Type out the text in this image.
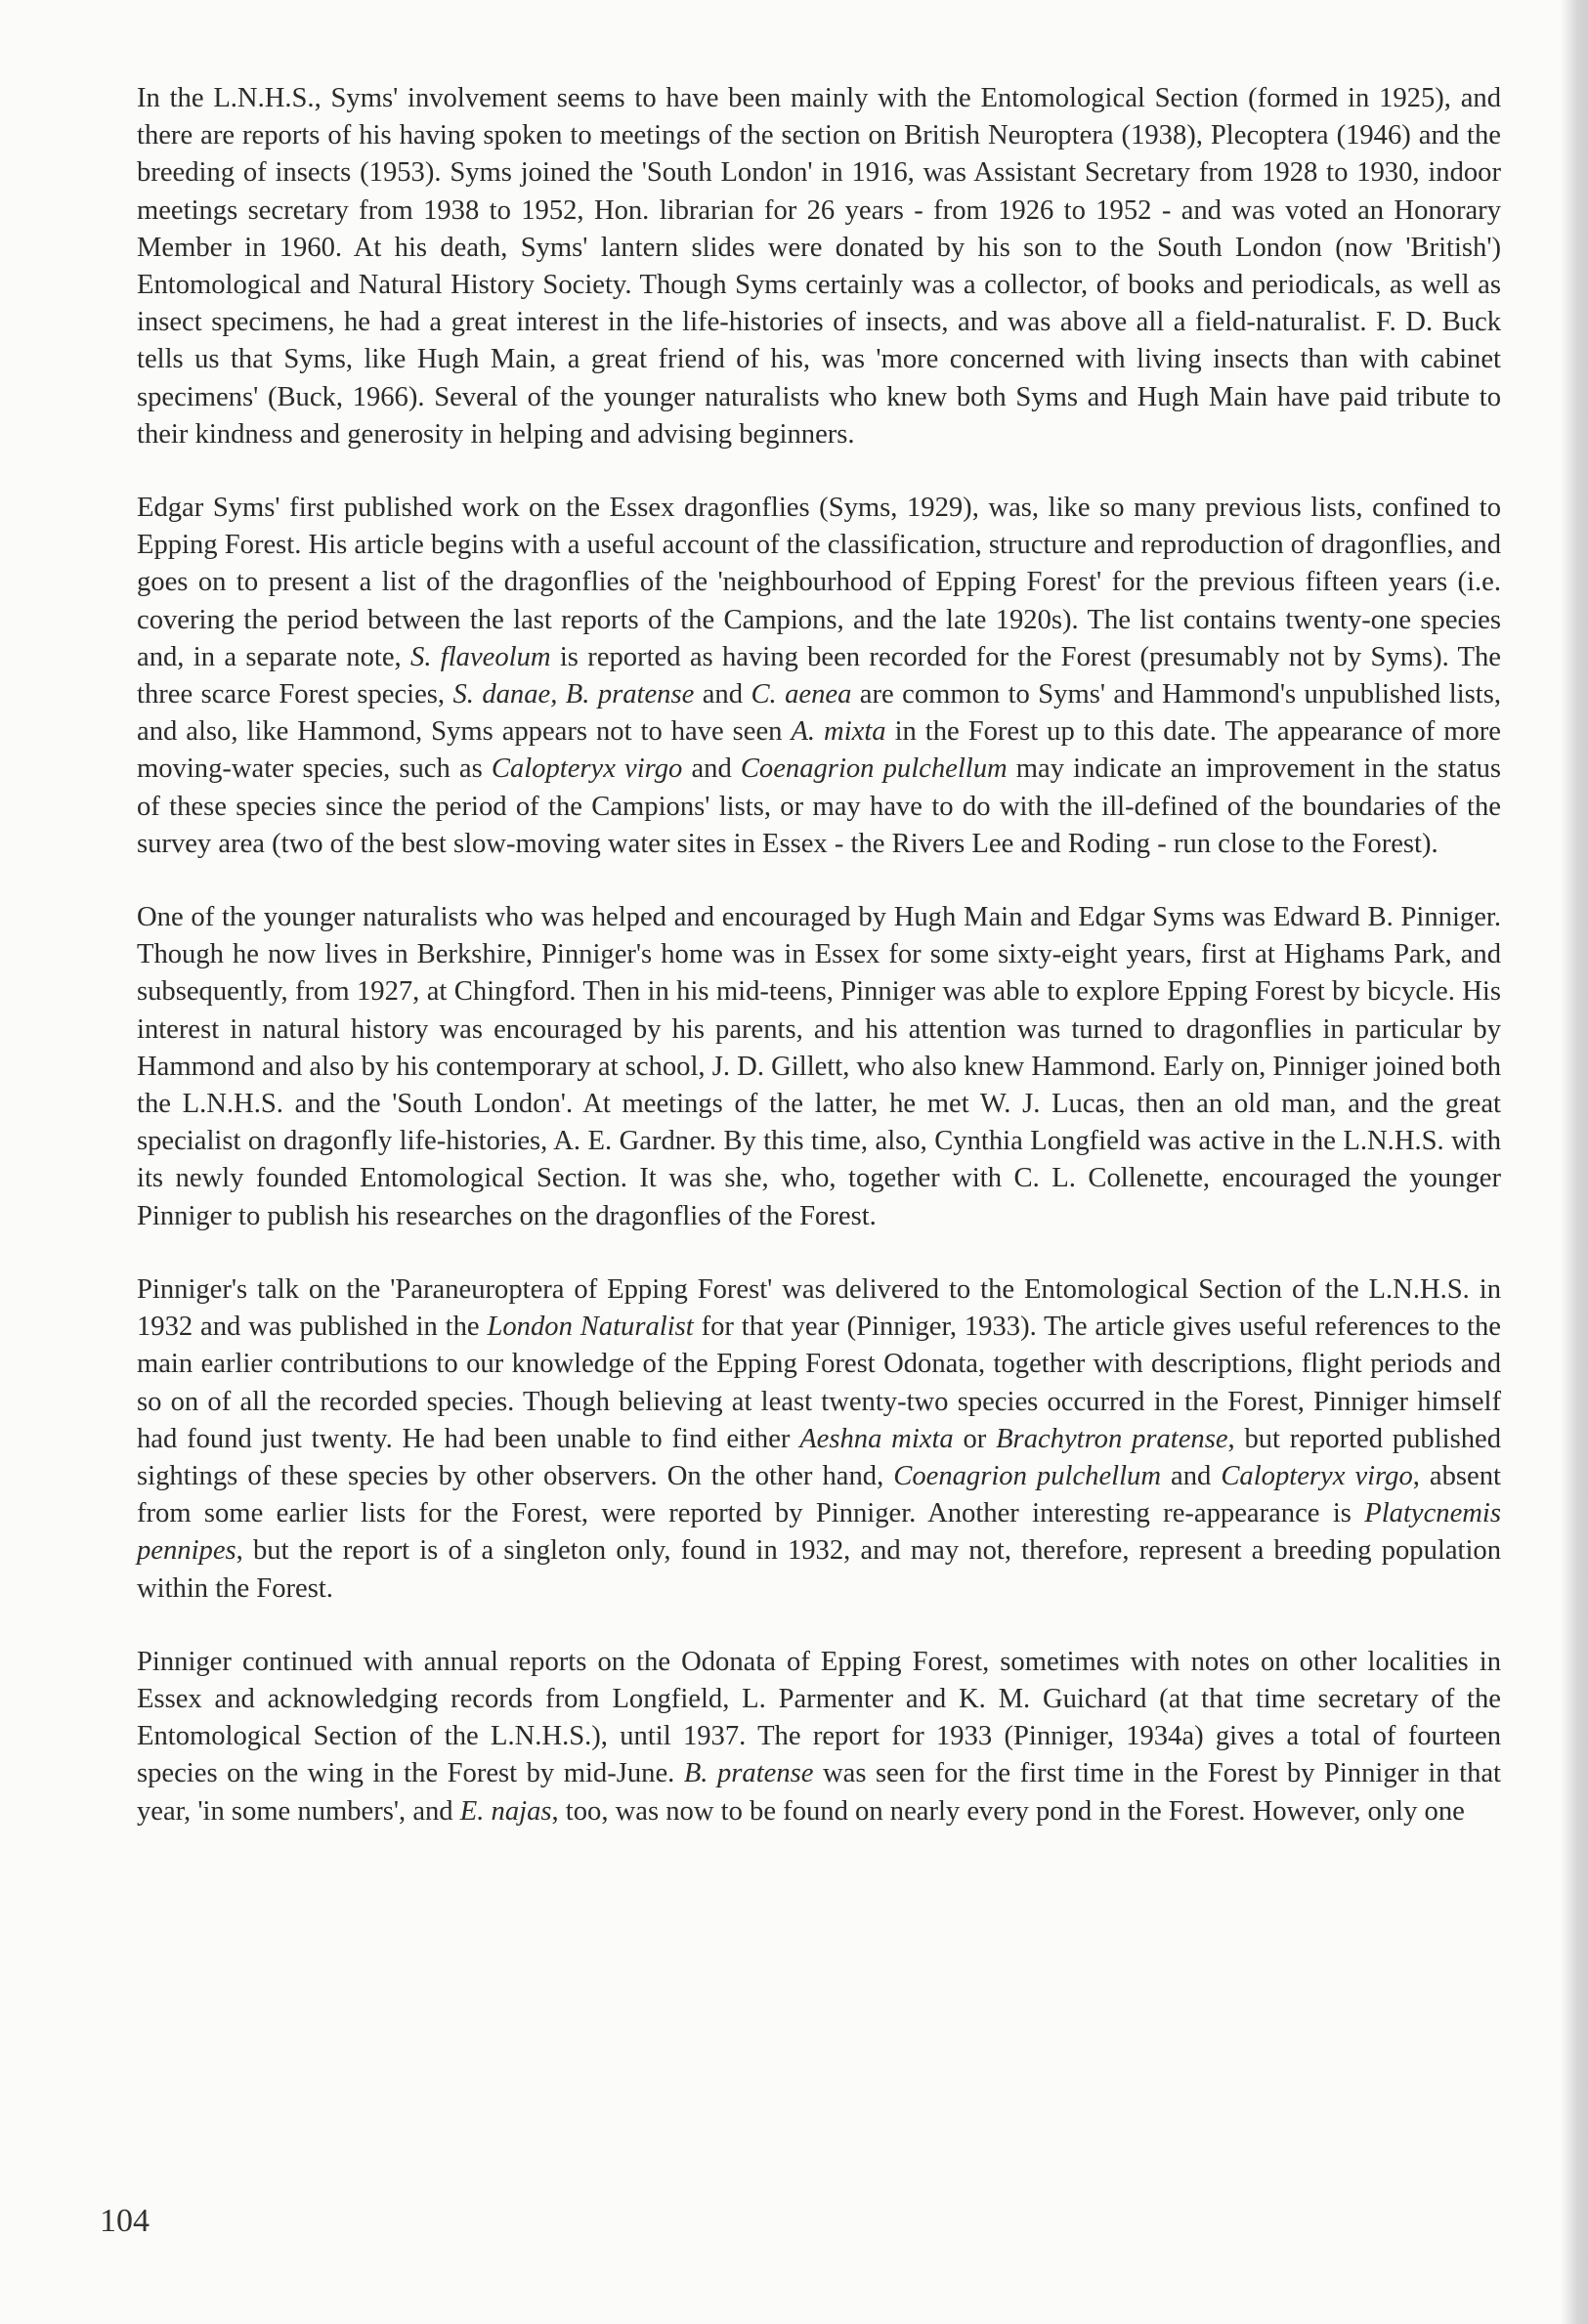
In the L.N.H.S., Syms' involvement seems to have been mainly with the Entomological Section (formed in 1925), and there are reports of his having spoken to meetings of the section on British Neuroptera (1938), Plecoptera (1946) and the breeding of insects (1953). Syms joined the 'South London' in 1916, was Assistant Secretary from 1928 to 1930, indoor meetings secretary from 1938 to 1952, Hon. librarian for 26 years - from 1926 to 1952 - and was voted an Honorary Member in 1960. At his death, Syms' lantern slides were donated by his son to the South London (now 'British') Entomological and Natural History Society. Though Syms certainly was a collector, of books and periodicals, as well as insect specimens, he had a great interest in the life-histories of insects, and was above all a field-naturalist. F. D. Buck tells us that Syms, like Hugh Main, a great friend of his, was 'more concerned with living insects than with cabinet specimens' (Buck, 1966). Several of the younger naturalists who knew both Syms and Hugh Main have paid tribute to their kindness and generosity in helping and advising beginners.

Edgar Syms' first published work on the Essex dragonflies (Syms, 1929), was, like so many previous lists, confined to Epping Forest. His article begins with a useful account of the classification, structure and reproduction of dragonflies, and goes on to present a list of the dragonflies of the 'neighbourhood of Epping Forest' for the previous fifteen years (i.e. covering the period between the last reports of the Campions, and the late 1920s). The list contains twenty-one species and, in a separate note, S. flaveolum is reported as having been recorded for the Forest (presumably not by Syms). The three scarce Forest species, S. danae, B. pratense and C. aenea are common to Syms' and Hammond's unpublished lists, and also, like Hammond, Syms appears not to have seen A. mixta in the Forest up to this date. The appearance of more moving-water species, such as Calopteryx virgo and Coenagrion pulchellum may indicate an improvement in the status of these species since the period of the Campions' lists, or may have to do with the ill-defined of the boundaries of the survey area (two of the best slow-moving water sites in Essex - the Rivers Lee and Roding - run close to the Forest).

One of the younger naturalists who was helped and encouraged by Hugh Main and Edgar Syms was Edward B. Pinniger. Though he now lives in Berkshire, Pinniger's home was in Essex for some sixty-eight years, first at Highams Park, and subsequently, from 1927, at Chingford. Then in his mid-teens, Pinniger was able to explore Epping Forest by bicycle. His interest in natural history was encouraged by his parents, and his attention was turned to dragonflies in particular by Hammond and also by his contemporary at school, J. D. Gillett, who also knew Hammond. Early on, Pinniger joined both the L.N.H.S. and the 'South London'. At meetings of the latter, he met W. J. Lucas, then an old man, and the great specialist on dragonfly life-histories, A. E. Gardner. By this time, also, Cynthia Longfield was active in the L.N.H.S. with its newly founded Entomological Section. It was she, who, together with C. L. Collenette, encouraged the younger Pinniger to publish his researches on the dragonflies of the Forest.

Pinniger's talk on the 'Paraneuroptera of Epping Forest' was delivered to the Entomological Section of the L.N.H.S. in 1932 and was published in the London Naturalist for that year (Pinniger, 1933). The article gives useful references to the main earlier contributions to our knowledge of the Epping Forest Odonata, together with descriptions, flight periods and so on of all the recorded species. Though believing at least twenty-two species occurred in the Forest, Pinniger himself had found just twenty. He had been unable to find either Aeshna mixta or Brachytron pratense, but reported published sightings of these species by other observers. On the other hand, Coenagrion pulchellum and Calopteryx virgo, absent from some earlier lists for the Forest, were reported by Pinniger. Another interesting re-appearance is Platycnemis pennipes, but the report is of a singleton only, found in 1932, and may not, therefore, represent a breeding population within the Forest.

Pinniger continued with annual reports on the Odonata of Epping Forest, sometimes with notes on other localities in Essex and acknowledging records from Longfield, L. Parmenter and K. M. Guichard (at that time secretary of the Entomological Section of the L.N.H.S.), until 1937. The report for 1933 (Pinniger, 1934a) gives a total of fourteen species on the wing in the Forest by mid-June. B. pratense was seen for the first time in the Forest by Pinniger in that year, 'in some numbers', and E. najas, too, was now to be found on nearly every pond in the Forest. However, only one

104
